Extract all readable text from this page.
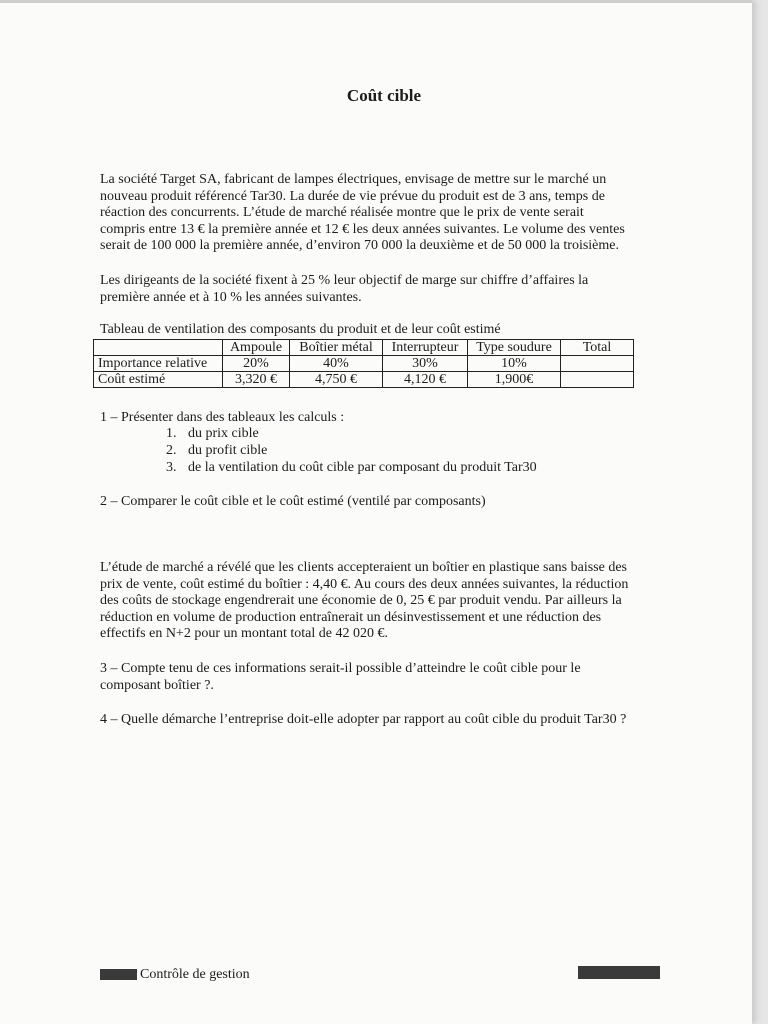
Coût cible

La société Target SA, fabricant de lampes électriques, envisage de mettre sur le marché un
nouveau produit référencé Tar30. La durée de vie prévue du produit est de 3 ans, temps de
réaction des concurrents. L’étude de marché réalisée montre que le prix de vente serait
compris entre 13 € la première année et 12 € les deux années suivantes. Le volume des ventes
serait de 100 000 la première année, d’environ 70 000 la deuxième et de 50 000 la troisième.

Les dirigeants de la société fixent à 25 % leur objectif de marge sur chiffre d’affaires la
première année et à 10 % les années suivantes.

Tableau de ventilation des composants du produit et de leur coût estimé
	Ampoule	Boîtier métal	Interrupteur	Type soudure	Total
Importance relative	20%	40%	30%	10%	
Coût estimé	3,320 €	4,750 €	4,120 €	1,900€	
1 – Présenter dans des tableaux les calculs :
1. du prix cible
2. du profit cible
3. de la ventilation du coût cible par composant du produit Tar30
2 – Comparer le coût cible et le coût estimé (ventilé par composants)

L’étude de marché a révélé que les clients accepteraient un boîtier en plastique sans baisse des
prix de vente, coût estimé du boîtier : 4,40 €. Au cours des deux années suivantes, la réduction
des coûts de stockage engendrerait une économie de 0, 25 € par produit vendu. Par ailleurs la
réduction en volume de production entraînerait un désinvestissement et une réduction des
effectifs en N+2 pour un montant total de 42 020 €.

3 – Compte tenu de ces informations serait-il possible d’atteindre le coût cible pour le
composant boîtier ?.

4 – Quelle démarche l’entreprise doit-elle adopter par rapport au coût cible du produit Tar30 ?
Contrôle de gestion
